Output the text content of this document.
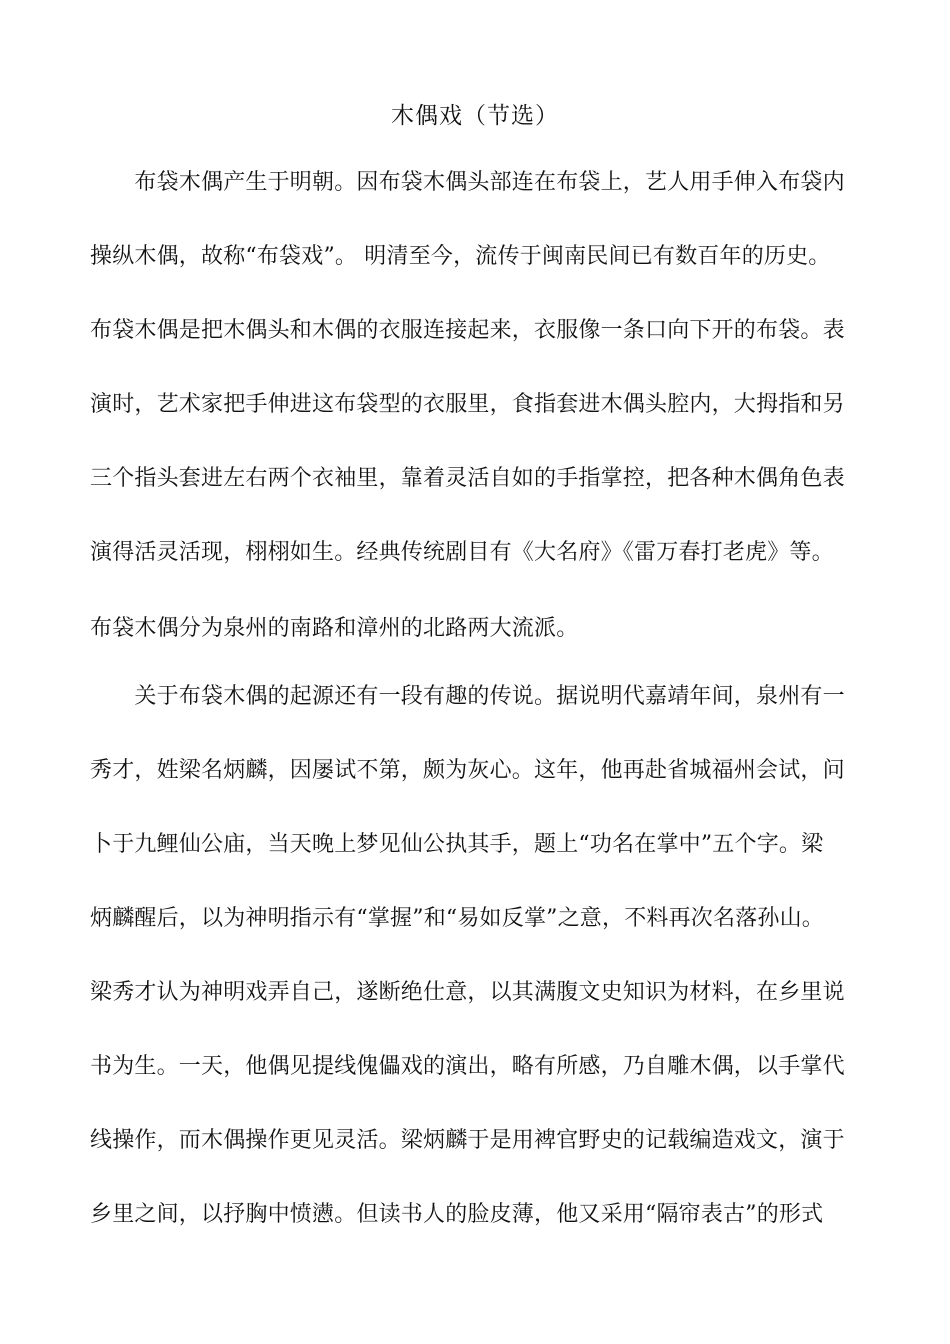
木偶戏（节选）
　　布袋木偶产生于明朝。因布袋木偶头部连在布袋上，艺人用手伸入布袋内
操纵木偶，故称“布袋戏”。 明清至今，流传于闽南民间已有数百年的历史。
布袋木偶是把木偶头和木偶的衣服连接起来，衣服像一条口向下开的布袋。表
演时，艺术家把手伸进这布袋型的衣服里，食指套进木偶头腔内，大拇指和另
三个指头套进左右两个衣袖里，靠着灵活自如的手指掌控，把各种木偶角色表
演得活灵活现，栩栩如生。经典传统剧目有《大名府》《雷万春打老虎》等。
布袋木偶分为泉州的南路和漳州的北路两大流派。
　　关于布袋木偶的起源还有一段有趣的传说。据说明代嘉靖年间，泉州有一
秀才，姓梁名炳麟，因屡试不第，颇为灰心。这年，他再赴省城福州会试，问
卜于九鲤仙公庙，当天晚上梦见仙公执其手，题上“功名在掌中”五个字。梁
炳麟醒后，以为神明指示有“掌握”和“易如反掌”之意，不料再次名落孙山。
梁秀才认为神明戏弄自己，遂断绝仕意，以其满腹文史知识为材料，在乡里说
书为生。一天，他偶见提线傀儡戏的演出，略有所感，乃自雕木偶，以手掌代
线操作，而木偶操作更见灵活。梁炳麟于是用裨官野史的记载编造戏文，演于
乡里之间，以抒胸中愤懑。但读书人的脸皮薄，他又采用“隔帘表古”的形式
